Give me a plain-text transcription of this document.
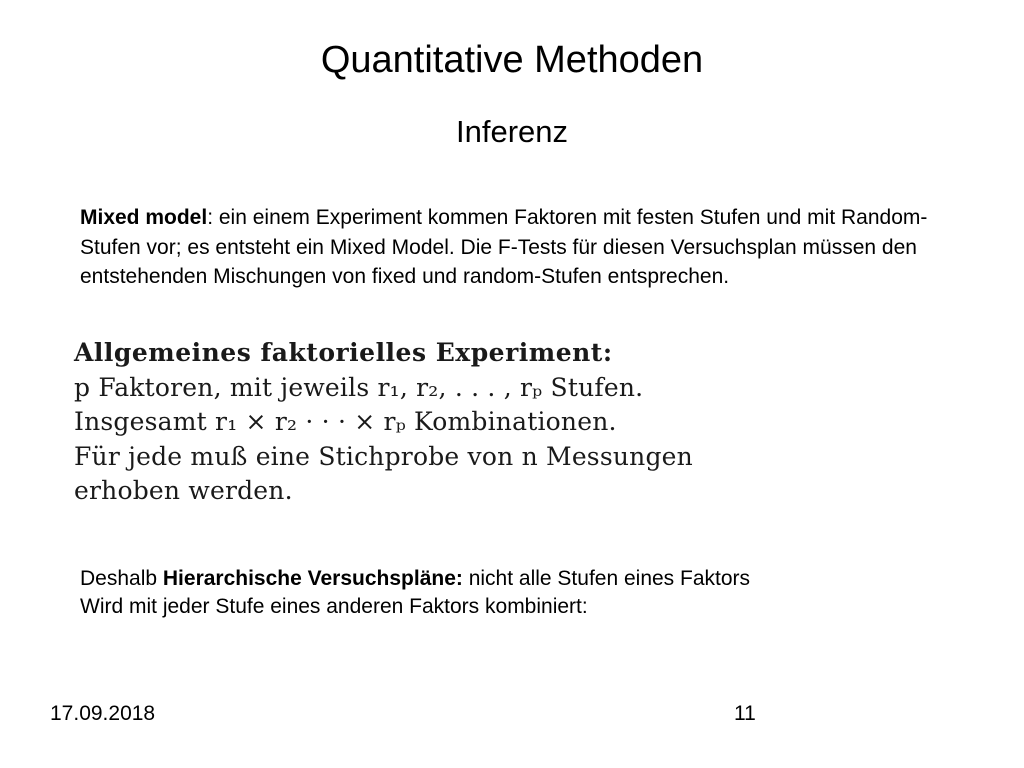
Quantitative Methoden
Inferenz
Mixed model: ein einem Experiment kommen Faktoren mit festen Stufen und mit Random-Stufen vor; es entsteht ein Mixed Model. Die F-Tests für diesen Versuchsplan müssen den entstehenden Mischungen von fixed und random-Stufen entsprechen.
Allgemeines faktorielles Experiment:
p Faktoren, mit jeweils r₁, r₂, . . . , rₚ Stufen.
Insgesamt r₁ × r₂ · · · × rₚ Kombinationen.
Für jede muß eine Stichprobe von n Messungen
erhoben werden.
Deshalb Hierarchische Versuchspläne: nicht alle Stufen eines Faktors
Wird mit jeder Stufe eines anderen Faktors kombiniert:
17.09.2018	11
